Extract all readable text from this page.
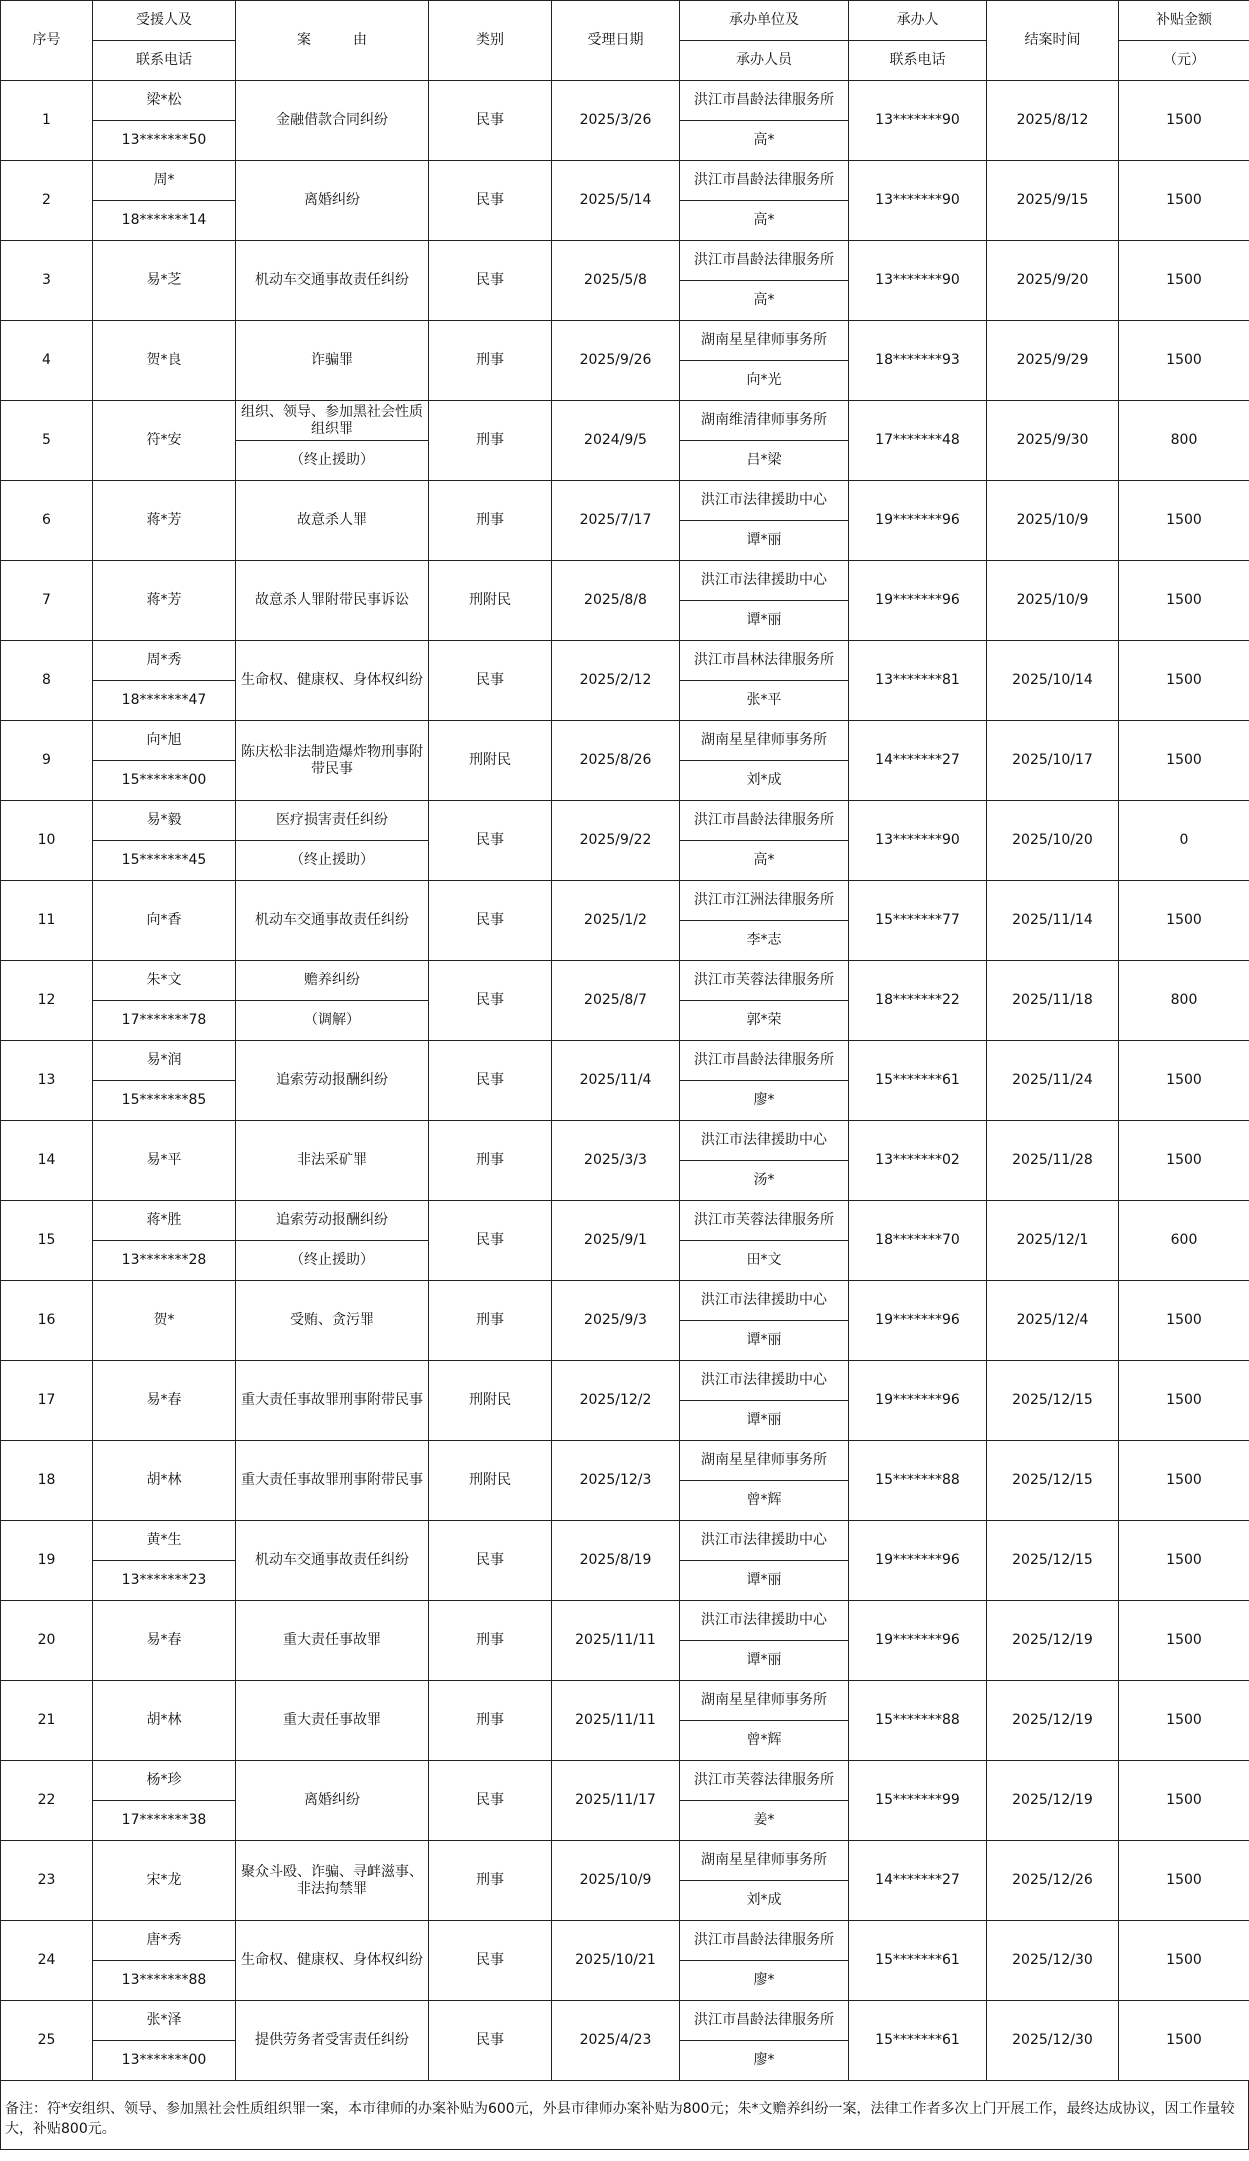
序号	受援人及	案　　　由	类别	受理日期	承办单位及	承办人	结案时间	补贴金额
	联系电话				承办人员	联系电话		（元）
1	梁*松	金融借款合同纠纷	民事	2025/3/26	洪江市昌龄法律服务所	13*******90	2025/8/12	1500
	13*******50				高*			
2	周*	离婚纠纷	民事	2025/5/14	洪江市昌龄法律服务所	13*******90	2025/9/15	1500
	18*******14				高*			
3	易*芝	机动车交通事故责任纠纷	民事	2025/5/8	洪江市昌龄法律服务所	13*******90	2025/9/20	1500
					高*			
4	贺*良	诈骗罪	刑事	2025/9/26	湖南星星律师事务所	18*******93	2025/9/29	1500
					向*光			
5	符*安	组织、领导、参加黑社会性质组织罪	刑事	2024/9/5	湖南维清律师事务所	17*******48	2025/9/30	800
		（终止援助）			吕*梁			
6	蒋*芳	故意杀人罪	刑事	2025/7/17	洪江市法律援助中心	19*******96	2025/10/9	1500
					谭*丽			
7	蒋*芳	故意杀人罪附带民事诉讼	刑附民	2025/8/8	洪江市法律援助中心	19*******96	2025/10/9	1500
					谭*丽			
8	周*秀	生命权、健康权、身体权纠纷	民事	2025/2/12	洪江市昌林法律服务所	13*******81	2025/10/14	1500
	18*******47				张*平			
9	向*旭	陈庆松非法制造爆炸物刑事附带民事	刑附民	2025/8/26	湖南星星律师事务所	14*******27	2025/10/17	1500
	15*******00				刘*成			
10	易*毅	医疗损害责任纠纷	民事	2025/9/22	洪江市昌龄法律服务所	13*******90	2025/10/20	0
	15*******45	（终止援助）			高*			
11	向*香	机动车交通事故责任纠纷	民事	2025/1/2	洪江市江洲法律服务所	15*******77	2025/11/14	1500
					李*志			
12	朱*文	赡养纠纷	民事	2025/8/7	洪江市芙蓉法律服务所	18*******22	2025/11/18	800
	17*******78	（调解）			郭*荣			
13	易*润	追索劳动报酬纠纷	民事	2025/11/4	洪江市昌龄法律服务所	15*******61	2025/11/24	1500
	15*******85				廖*			
14	易*平	非法采矿罪	刑事	2025/3/3	洪江市法律援助中心	13*******02	2025/11/28	1500
					汤*			
15	蒋*胜	追索劳动报酬纠纷	民事	2025/9/1	洪江市芙蓉法律服务所	18*******70	2025/12/1	600
	13*******28	（终止援助）			田*文			
16	贺*	受贿、贪污罪	刑事	2025/9/3	洪江市法律援助中心	19*******96	2025/12/4	1500
					谭*丽			
17	易*春	重大责任事故罪刑事附带民事	刑附民	2025/12/2	洪江市法律援助中心	19*******96	2025/12/15	1500
					谭*丽			
18	胡*林	重大责任事故罪刑事附带民事	刑附民	2025/12/3	湖南星星律师事务所	15*******88	2025/12/15	1500
					曾*辉			
19	黄*生	机动车交通事故责任纠纷	民事	2025/8/19	洪江市法律援助中心	19*******96	2025/12/15	1500
	13*******23				谭*丽			
20	易*春	重大责任事故罪	刑事	2025/11/11	洪江市法律援助中心	19*******96	2025/12/19	1500
					谭*丽			
21	胡*林	重大责任事故罪	刑事	2025/11/11	湖南星星律师事务所	15*******88	2025/12/19	1500
					曾*辉			
22	杨*珍	离婚纠纷	民事	2025/11/17	洪江市芙蓉法律服务所	15*******99	2025/12/19	1500
	17*******38				姜*			
23	宋*龙	聚众斗殴、诈骗、寻衅滋事、非法拘禁罪	刑事	2025/10/9	湖南星星律师事务所	14*******27	2025/12/26	1500
					刘*成			
24	唐*秀	生命权、健康权、身体权纠纷	民事	2025/10/21	洪江市昌龄法律服务所	15*******61	2025/12/30	1500
	13*******88				廖*			
25	张*泽	提供劳务者受害责任纠纷	民事	2025/4/23	洪江市昌龄法律服务所	15*******61	2025/12/30	1500
	13*******00				廖*			
备注：符*安组织、领导、参加黑社会性质组织罪一案，本市律师的办案补贴为600元，外县市律师办案补贴为800元；朱*文赡养纠纷一案，法律工作者多次上门开展工作，最终达成协议，因工作量较大，补贴800元。
